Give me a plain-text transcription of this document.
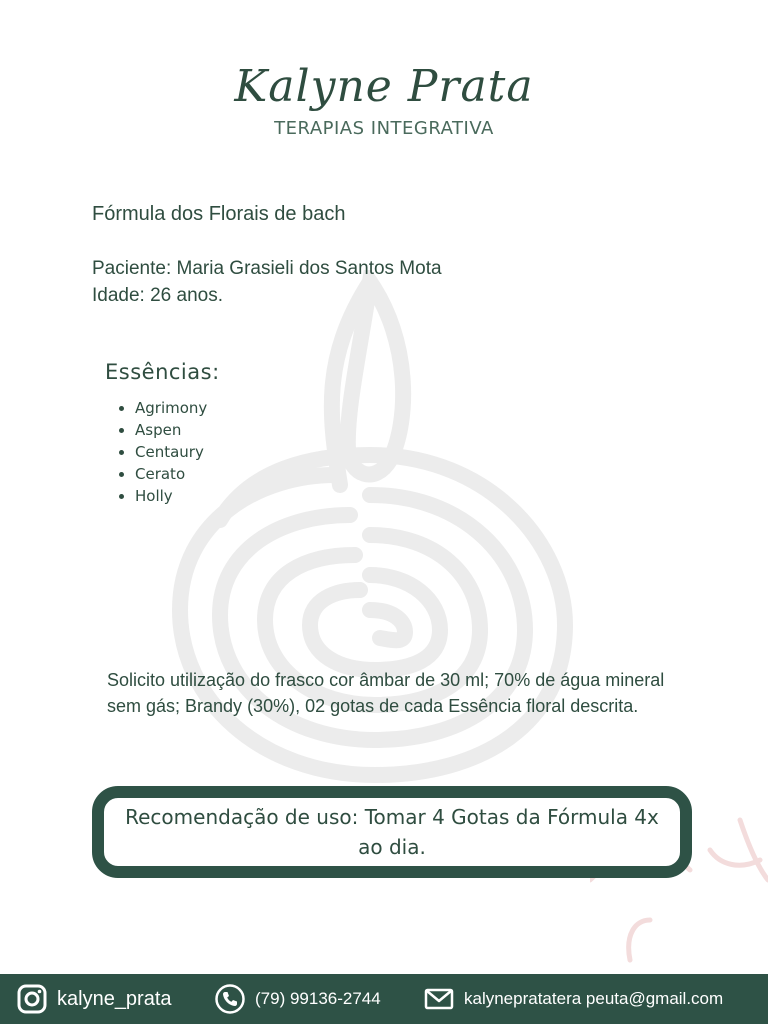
Kalyne Prata
TERAPIAS INTEGRATIVA
Fórmula dos Florais de bach
Paciente: Maria Grasieli dos Santos Mota
Idade: 26 anos.
Essências:
• Agrimony
• Aspen
• Centaury
• Cerato
• Holly
Solicito utilização do frasco cor âmbar de 30 ml; 70% de água mineral sem gás; Brandy (30%), 02 gotas de cada Essência floral descrita.
Recomendação de uso: Tomar 4 Gotas da Fórmula 4x ao dia.
kalyne_prata	(79) 99136-2744	kalynepratatera peuta@gmail.com
